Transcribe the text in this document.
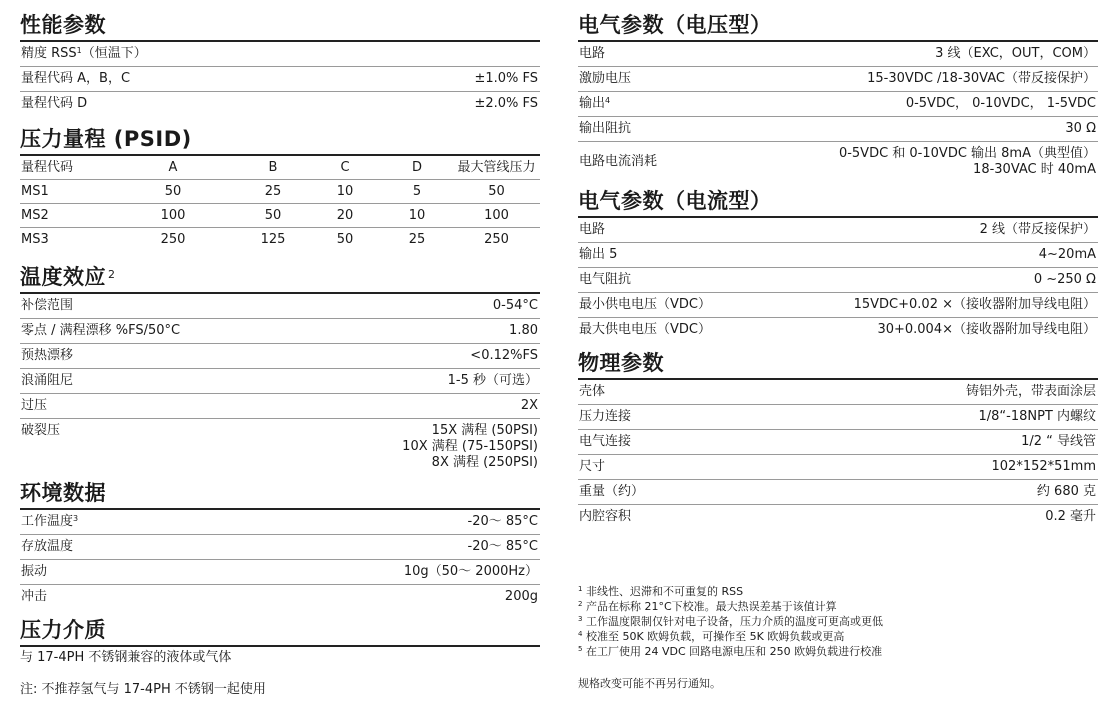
性能参数
精度 RSS$^1$（恒温下）
量程代码 A，B，C	±1.0% FS
量程代码 D	±2.0% FS
压力量程 (PSID)
量程代码	A	B	C	D	最大管线压力
MS1	50	25	10	5	50
MS2	100	50	20	10	100
MS3	250	125	50	25	250
温度效应 $^2$
补偿范围	0-54°C
零点 / 满程漂移 %FS/50°C	1.80
预热漂移	<0.12%FS
浪涌阻尼	1-5 秒（可选）
过压	2X
破裂压	15X 满程 (50PSI)
10X 满程 (75-150PSI)
8X 满程 (250PSI)
环境数据
工作温度$^3$	-20～ 85°C
存放温度	-20～ 85°C
振动	10g（50～ 2000Hz）
冲击	200g
压力介质
与 17-4PH 不锈钢兼容的液体或气体
注: 不推荐氢气与 17-4PH 不锈钢一起使用
电气参数（电压型）
电路	3 线（EXC，OUT，COM）
激励电压	15-30VDC /18-30VAC（带反接保护）
输出$^4$	0-5VDC， 0-10VDC， 1-5VDC
输出阻抗	30 Ω
电路电流消耗
0-5VDC 和 0-10VDC 输出 8mA（典型值）
18-30VAC 时 40mA
电气参数（电流型）
电路	2 线（带反接保护）
输出 5	4~20mA
电气阻抗	0 ~250 Ω
最小供电电压（VDC）	15VDC+0.02 ×（接收器附加导线电阻）
最大供电电压（VDC）	30+0.004×（接收器附加导线电阻）
物理参数
壳体	铸铝外壳，带表面涂层
压力连接	1/8“-18NPT 内螺纹
电气连接	1/2 “ 导线管
尺寸	102*152*51mm
重量（约）	约 680 克
内腔容积	0.2 毫升
$^1$ 非线性、迟滞和不可重复的 RSS
$^2$ 产品在标称 21°C下校准。最大热误差基于该值计算
$^3$ 工作温度限制仅针对电子设备，压力介质的温度可更高或更低
$^4$ 校准至 50K 欧姆负载，可操作至 5K 欧姆负载或更高
$^5$ 在工厂使用 24 VDC 回路电源电压和 250 欧姆负载进行校准
规格改变可能不再另行通知。
